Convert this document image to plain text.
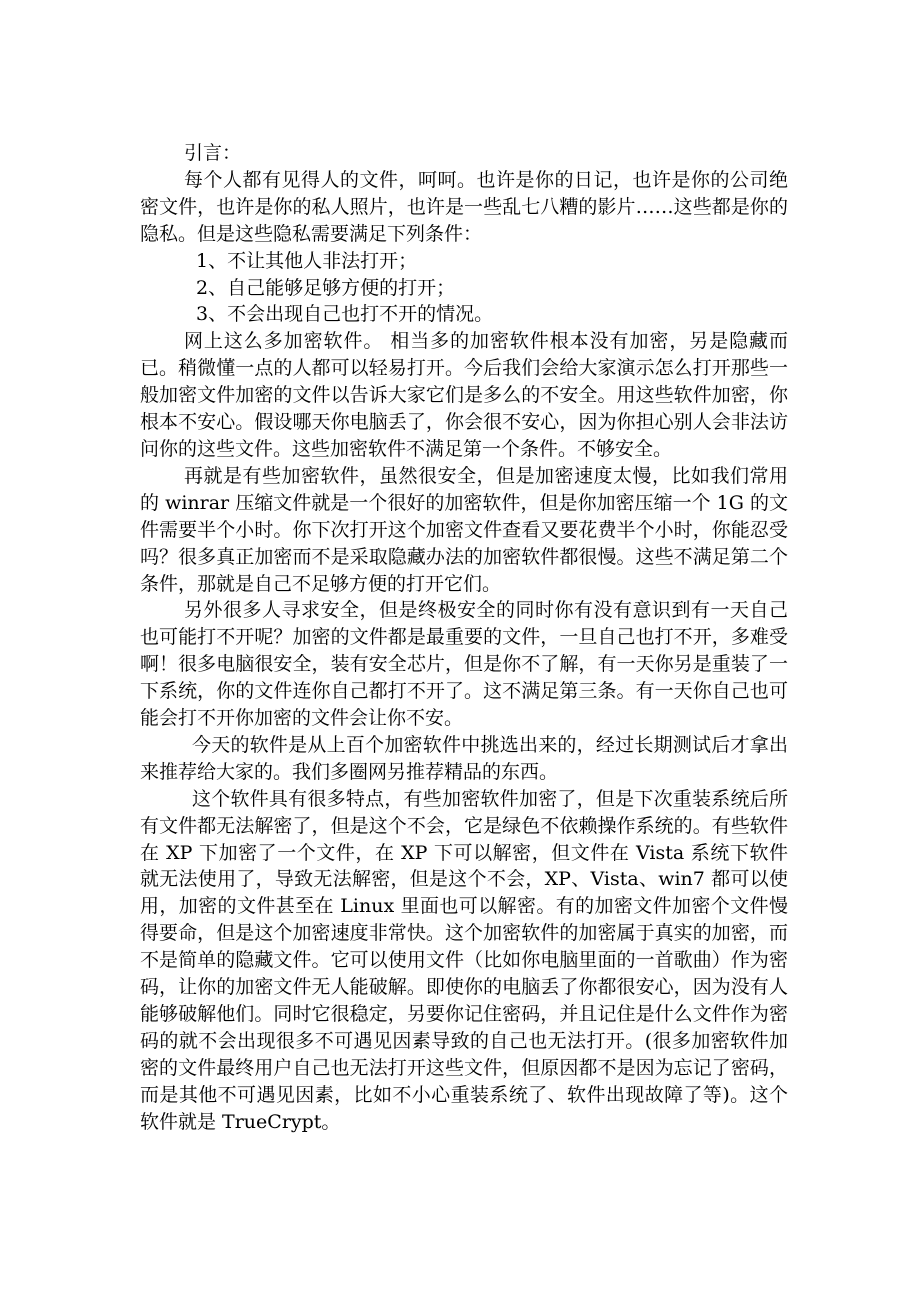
引言：

每个人都有见得人的文件，呵呵。也许是你的日记，也许是你的公司绝密文件，也许是你的私人照片，也许是一些乱七八糟的影片……这些都是你的隐私。但是这些隐私需要满足下列条件：

1、不让其他人非法打开；

2、自己能够足够方便的打开；

3、不会出现自己也打不开的情况。

网上这么多加密软件。 相当多的加密软件根本没有加密，另是隐藏而已。稍微懂一点的人都可以轻易打开。今后我们会给大家演示怎么打开那些一般加密文件加密的文件以告诉大家它们是多么的不安全。用这些软件加密，你根本不安心。假设哪天你电脑丢了，你会很不安心，因为你担心别人会非法访问你的这些文件。这些加密软件不满足第一个条件。不够安全。

再就是有些加密软件，虽然很安全，但是加密速度太慢，比如我们常用的 winrar 压缩文件就是一个很好的加密软件，但是你加密压缩一个 1G 的文件需要半个小时。你下次打开这个加密文件查看又要花费半个小时，你能忍受吗？很多真正加密而不是采取隐藏办法的加密软件都很慢。这些不满足第二个条件，那就是自己不足够方便的打开它们。

另外很多人寻求安全，但是终极安全的同时你有没有意识到有一天自己也可能打不开呢？加密的文件都是最重要的文件，一旦自己也打不开，多难受啊！很多电脑很安全，装有安全芯片，但是你不了解，有一天你另是重装了一下系统，你的文件连你自己都打不开了。这不满足第三条。有一天你自己也可能会打不开你加密的文件会让你不安。

今天的软件是从上百个加密软件中挑选出来的，经过长期测试后才拿出来推荐给大家的。我们多圈网另推荐精品的东西。

这个软件具有很多特点，有些加密软件加密了，但是下次重装系统后所有文件都无法解密了，但是这个不会，它是绿色不依赖操作系统的。有些软件在 XP 下加密了一个文件，在 XP 下可以解密，但文件在 Vista 系统下软件就无法使用了，导致无法解密，但是这个不会，XP、Vista、win7 都可以使用，加密的文件甚至在 Linux 里面也可以解密。有的加密文件加密个文件慢得要命，但是这个加密速度非常快。这个加密软件的加密属于真实的加密，而不是简单的隐藏文件。它可以使用文件（比如你电脑里面的一首歌曲）作为密码，让你的加密文件无人能破解。即使你的电脑丢了你都很安心，因为没有人能够破解他们。同时它很稳定，另要你记住密码，并且记住是什么文件作为密码的就不会出现很多不可遇见因素导致的自己也无法打开。(很多加密软件加密的文件最终用户自己也无法打开这些文件，但原因都不是因为忘记了密码，而是其他不可遇见因素，比如不小心重装系统了、软件出现故障了等)。这个软件就是 TrueCrypt。
